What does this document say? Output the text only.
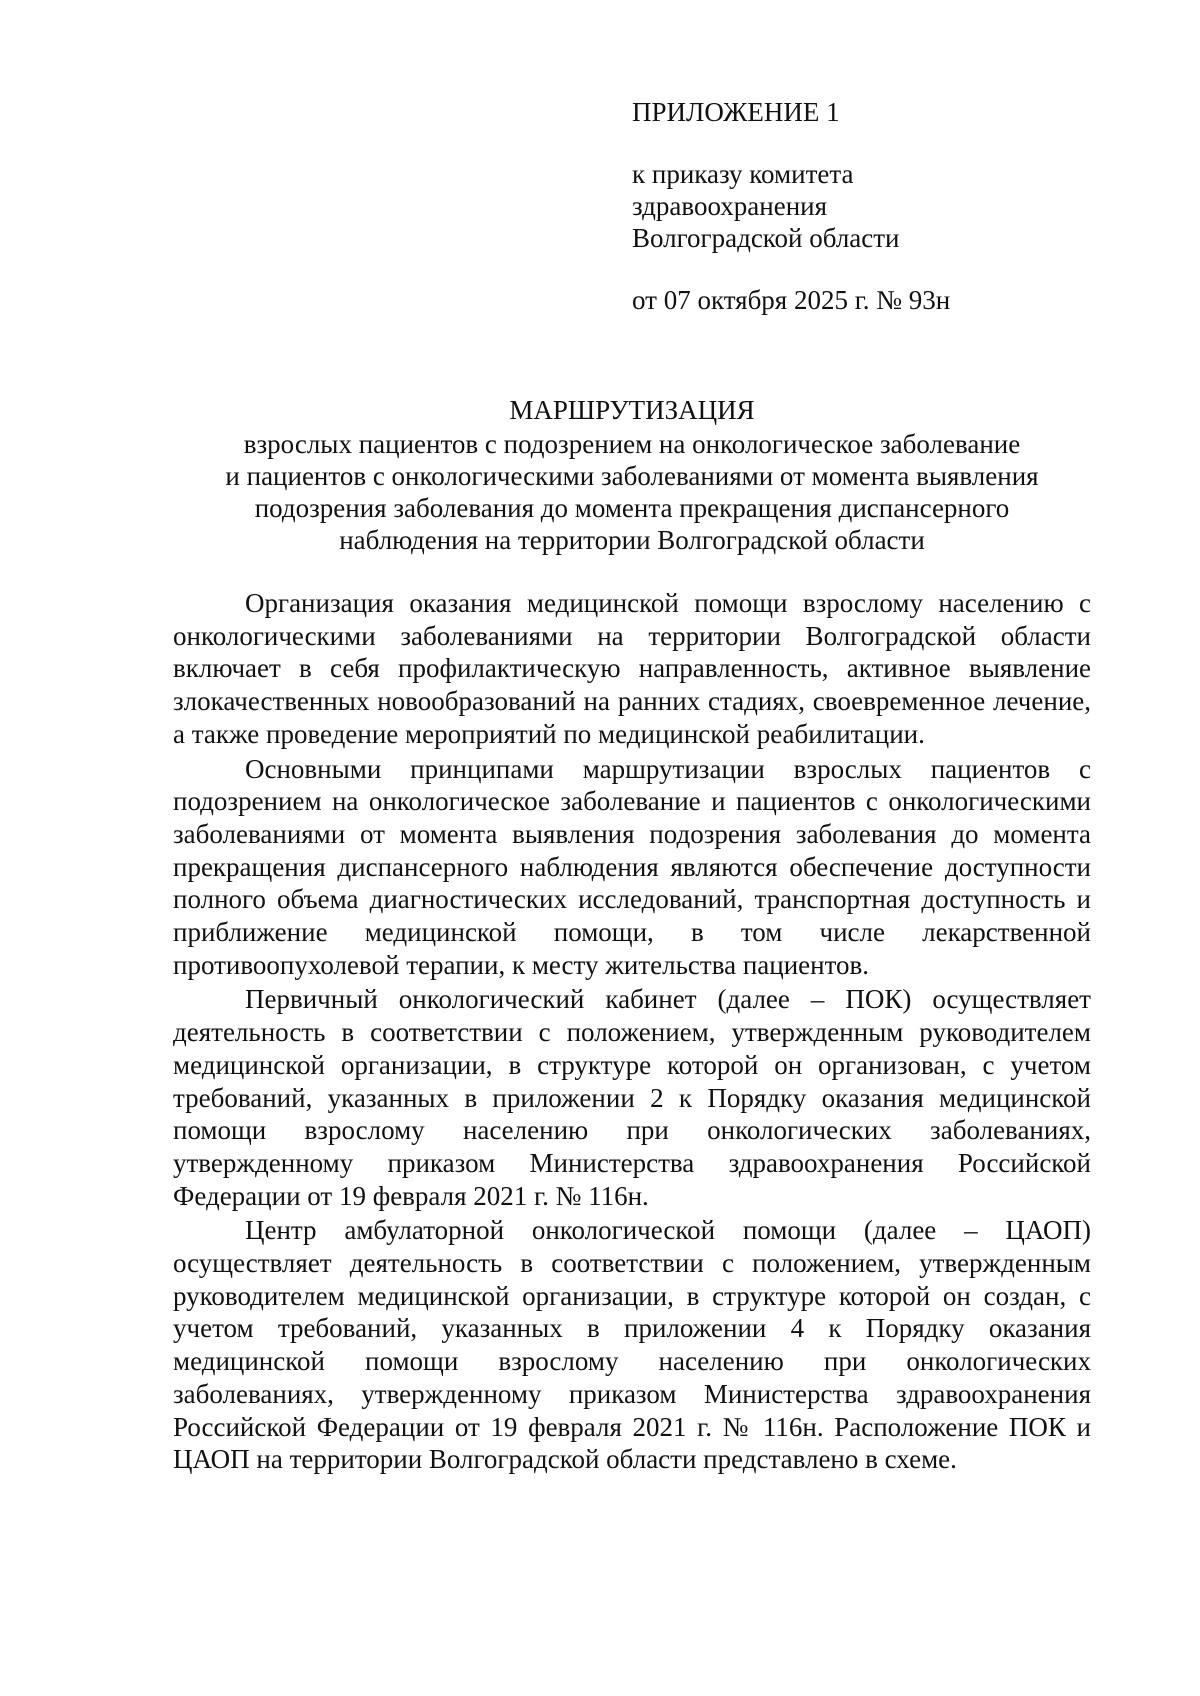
ПРИЛОЖЕНИЕ 1
к приказу комитета
здравоохранения
Волгоградской области
от 07 октября 2025 г. № 93н
МАРШРУТИЗАЦИЯ
взрослых пациентов с подозрением на онкологическое заболевание
и пациентов с онкологическими заболеваниями от момента выявления
подозрения заболевания до момента прекращения диспансерного
наблюдения на территории Волгоградской области

Организация оказания медицинской помощи взрослому населению с онкологическими заболеваниями на территории Волгоградской области включает в себя профилактическую направленность, активное выявление злокачественных новообразований на ранних стадиях, своевременное лечение, а также проведение мероприятий по медицинской реабилитации.

Основными принципами маршрутизации взрослых пациентов с подозрением на онкологическое заболевание и пациентов с онкологическими заболеваниями от момента выявления подозрения заболевания до момента прекращения диспансерного наблюдения являются обеспечение доступности полного объема диагностических исследований, транспортная доступность и приближение медицинской помощи, в том числе лекарственной противоопухолевой терапии, к месту жительства пациентов.

Первичный онкологический кабинет (далее – ПОК) осуществляет деятельность в соответствии с положением, утвержденным руководителем медицинской организации, в структуре которой он организован, с учетом требований, указанных в приложении 2 к Порядку оказания медицинской помощи взрослому населению при онкологических заболеваниях, утвержденному приказом Министерства здравоохранения Российской Федерации от 19 февраля 2021 г. № 116н.

Центр амбулаторной онкологической помощи (далее – ЦАОП) осуществляет деятельность в соответствии с положением, утвержденным руководителем медицинской организации, в структуре которой он создан, с учетом требований, указанных в приложении 4 к Порядку оказания медицинской помощи взрослому населению при онкологических заболеваниях, утвержденному приказом Министерства здравоохранения Российской Федерации от 19 февраля 2021 г. № 116н. Расположение ПОК и ЦАОП на территории Волгоградской области представлено в схеме.
